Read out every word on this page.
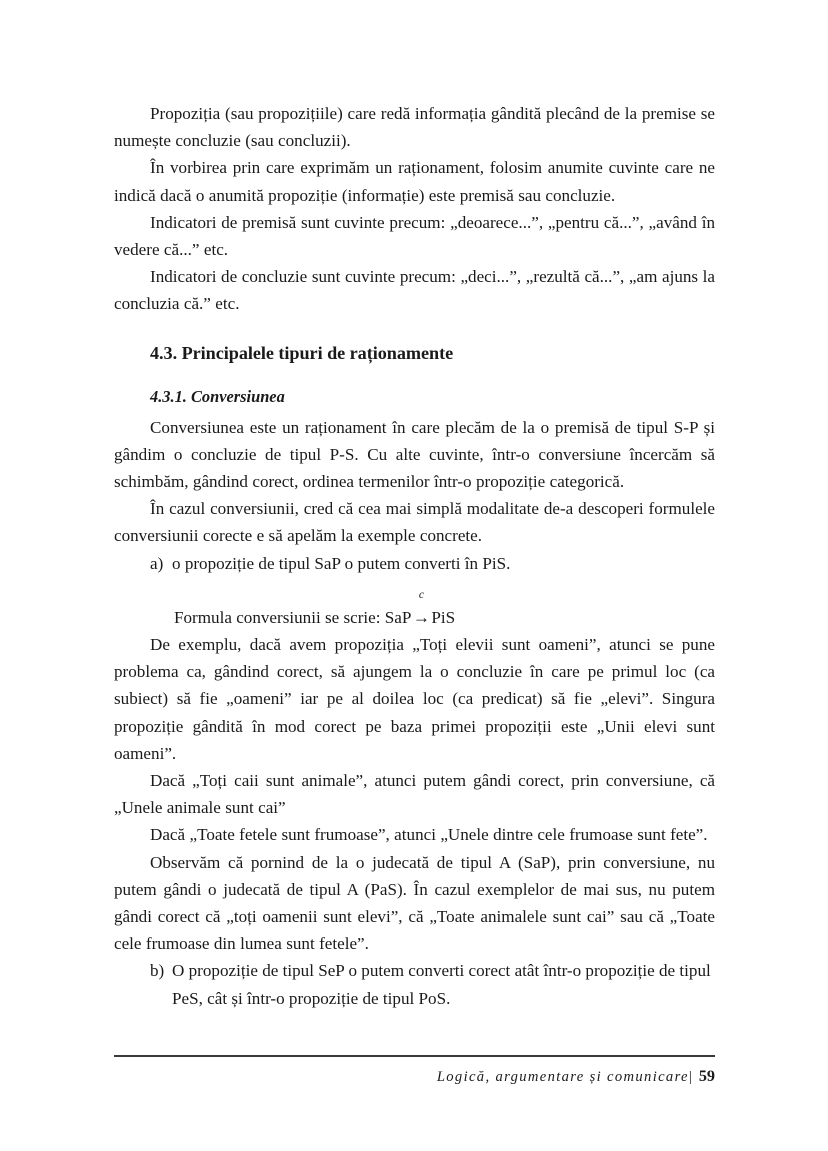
Propoziția (sau propozițiile) care redă informația gândită plecând de la premise se numește concluzie (sau concluzii).

În vorbirea prin care exprimăm un raționament, folosim anumite cuvinte care ne indică dacă o anumită propoziție (informație) este premisă sau concluzie.

Indicatori de premisă sunt cuvinte precum: „deoarece...”, „pentru că...”, „având în vedere că...” etc.

Indicatori de concluzie sunt cuvinte precum: „deci...”, „rezultă că...”, „am ajuns la concluzia că.” etc.

4.3. Principalele tipuri de raționamente
4.3.1. Conversiunea

Conversiunea este un raționament în care plecăm de la o premisă de tipul S-P și gândim o concluzie de tipul P-S. Cu alte cuvinte, într-o conversiune încercăm să schimbăm, gândind corect, ordinea termenilor într-o propoziție categorică.

În cazul conversiunii, cred că cea mai simplă modalitate de-a descoperi formulele conversiunii corecte e să apelăm la exemple concrete.

a) o propoziție de tipul SaP o putem converti în PiS.

Formula conversiunii se scrie: SaP
c
→PiS

De exemplu, dacă avem propoziția „Toți elevii sunt oameni”, atunci se pune problema ca, gândind corect, să ajungem la o concluzie în care pe primul loc (ca subiect) să fie „oameni” iar pe al doilea loc (ca predicat) să fie „elevi”. Singura propoziție gândită în mod corect pe baza primei propoziții este „Unii elevi sunt oameni”.

Dacă „Toți caii sunt animale”, atunci putem gândi corect, prin conversiune, că „Unele animale sunt cai”

Dacă „Toate fetele sunt frumoase”, atunci „Unele dintre cele frumoase sunt fete”.

Observăm că pornind de la o judecată de tipul A (SaP), prin conversiune, nu putem gândi o judecată de tipul A (PaS). În cazul exemplelor de mai sus, nu putem gândi corect că „toți oamenii sunt elevi”, că „Toate animalele sunt cai” sau că „Toate cele frumoase din lumea sunt fetele”.

b) O propoziție de tipul SeP o putem converti corect atât într-o propoziție de tipul PeS, cât și într-o propoziție de tipul PoS.

Logică, argumentare și comunicare| 59
